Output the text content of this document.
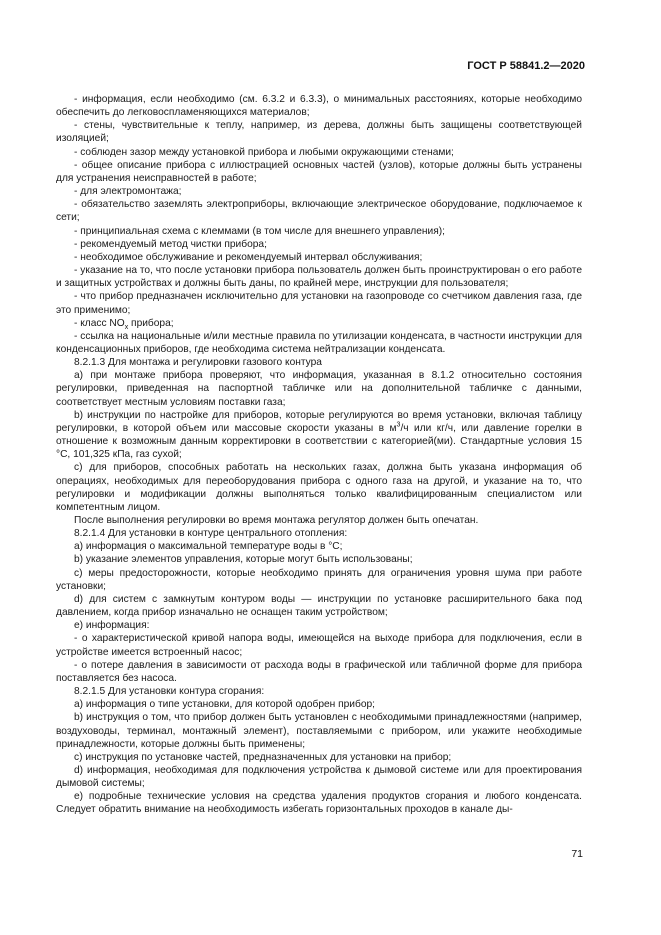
ГОСТ Р 58841.2—2020

- информация, если необходимо (см. 6.3.2 и 6.3.3), о минимальных расстояниях, которые необходимо обеспечить до легковоспламеняющихся материалов;

- стены, чувствительные к теплу, например, из дерева, должны быть защищены соответствующей изоляцией;

- соблюден зазор между установкой прибора и любыми окружающими стенами;

- общее описание прибора с иллюстрацией основных частей (узлов), которые должны быть устранены для устранения неисправностей в работе;

- для электромонтажа;

- обязательство заземлять электроприборы, включающие электрическое оборудование, подключаемое к сети;

- принципиальная схема с клеммами (в том числе для внешнего управления);

- рекомендуемый метод чистки прибора;

- необходимое обслуживание и рекомендуемый интервал обслуживания;

- указание на то, что после установки прибора пользователь должен быть проинструктирован о его работе и защитных устройствах и должны быть даны, по крайней мере, инструкции для пользователя;

- что прибор предназначен исключительно для установки на газопроводе со счетчиком давления газа, где это применимо;

- класс $NO_x$ прибора;

- ссылка на национальные и/или местные правила по утилизации конденсата, в частности инструкции для конденсационных приборов, где необходима система нейтрализации конденсата.

8.2.1.3 Для монтажа и регулировки газового контура

a) при монтаже прибора проверяют, что информация, указанная в 8.1.2 относительно состояния регулировки, приведенная на паспортной табличке или на дополнительной табличке с данными, соответствует местным условиям поставки газа;

b) инструкции по настройке для приборов, которые регулируются во время установки, включая таблицу регулировки, в которой объем или массовые скорости указаны в $м^3/ч$ или кг/ч, или давление горелки в отношение к возможным данным корректировки в соответствии с категорией(ми). Стандартные условия 15 °С, 101,325 кПа, газ сухой;

c) для приборов, способных работать на нескольких газах, должна быть указана информация об операциях, необходимых для переоборудования прибора с одного газа на другой, и указание на то, что регулировки и модификации должны выполняться только квалифицированным специалистом или компетентным лицом.

После выполнения регулировки во время монтажа регулятор должен быть опечатан.

8.2.1.4 Для установки в контуре центрального отопления:

a) информация о максимальной температуре воды в °С;

b) указание элементов управления, которые могут быть использованы;

c) меры предосторожности, которые необходимо принять для ограничения уровня шума при работе установки;

d) для систем с замкнутым контуром воды — инструкции по установке расширительного бака под давлением, когда прибор изначально не оснащен таким устройством;

e) информация:

- о характеристической кривой напора воды, имеющейся на выходе прибора для подключения, если в устройстве имеется встроенный насос;

- о потере давления в зависимости от расхода воды в графической или табличной форме для прибора поставляется без насоса.

8.2.1.5 Для установки контура сгорания:

a) информация о типе установки, для которой одобрен прибор;

b) инструкция о том, что прибор должен быть установлен с необходимыми принадлежностями (например, воздуховоды, терминал, монтажный элемент), поставляемыми с прибором, или укажите необходимые принадлежности, которые должны быть применены;

c) инструкция по установке частей, предназначенных для установки на прибор;

d) информация, необходимая для подключения устройства к дымовой системе или для проектирования дымовой системы;

e) подробные технические условия на средства удаления продуктов сгорания и любого конденсата. Следует обратить внимание на необходимость избегать горизонтальных проходов в канале ды-

71
